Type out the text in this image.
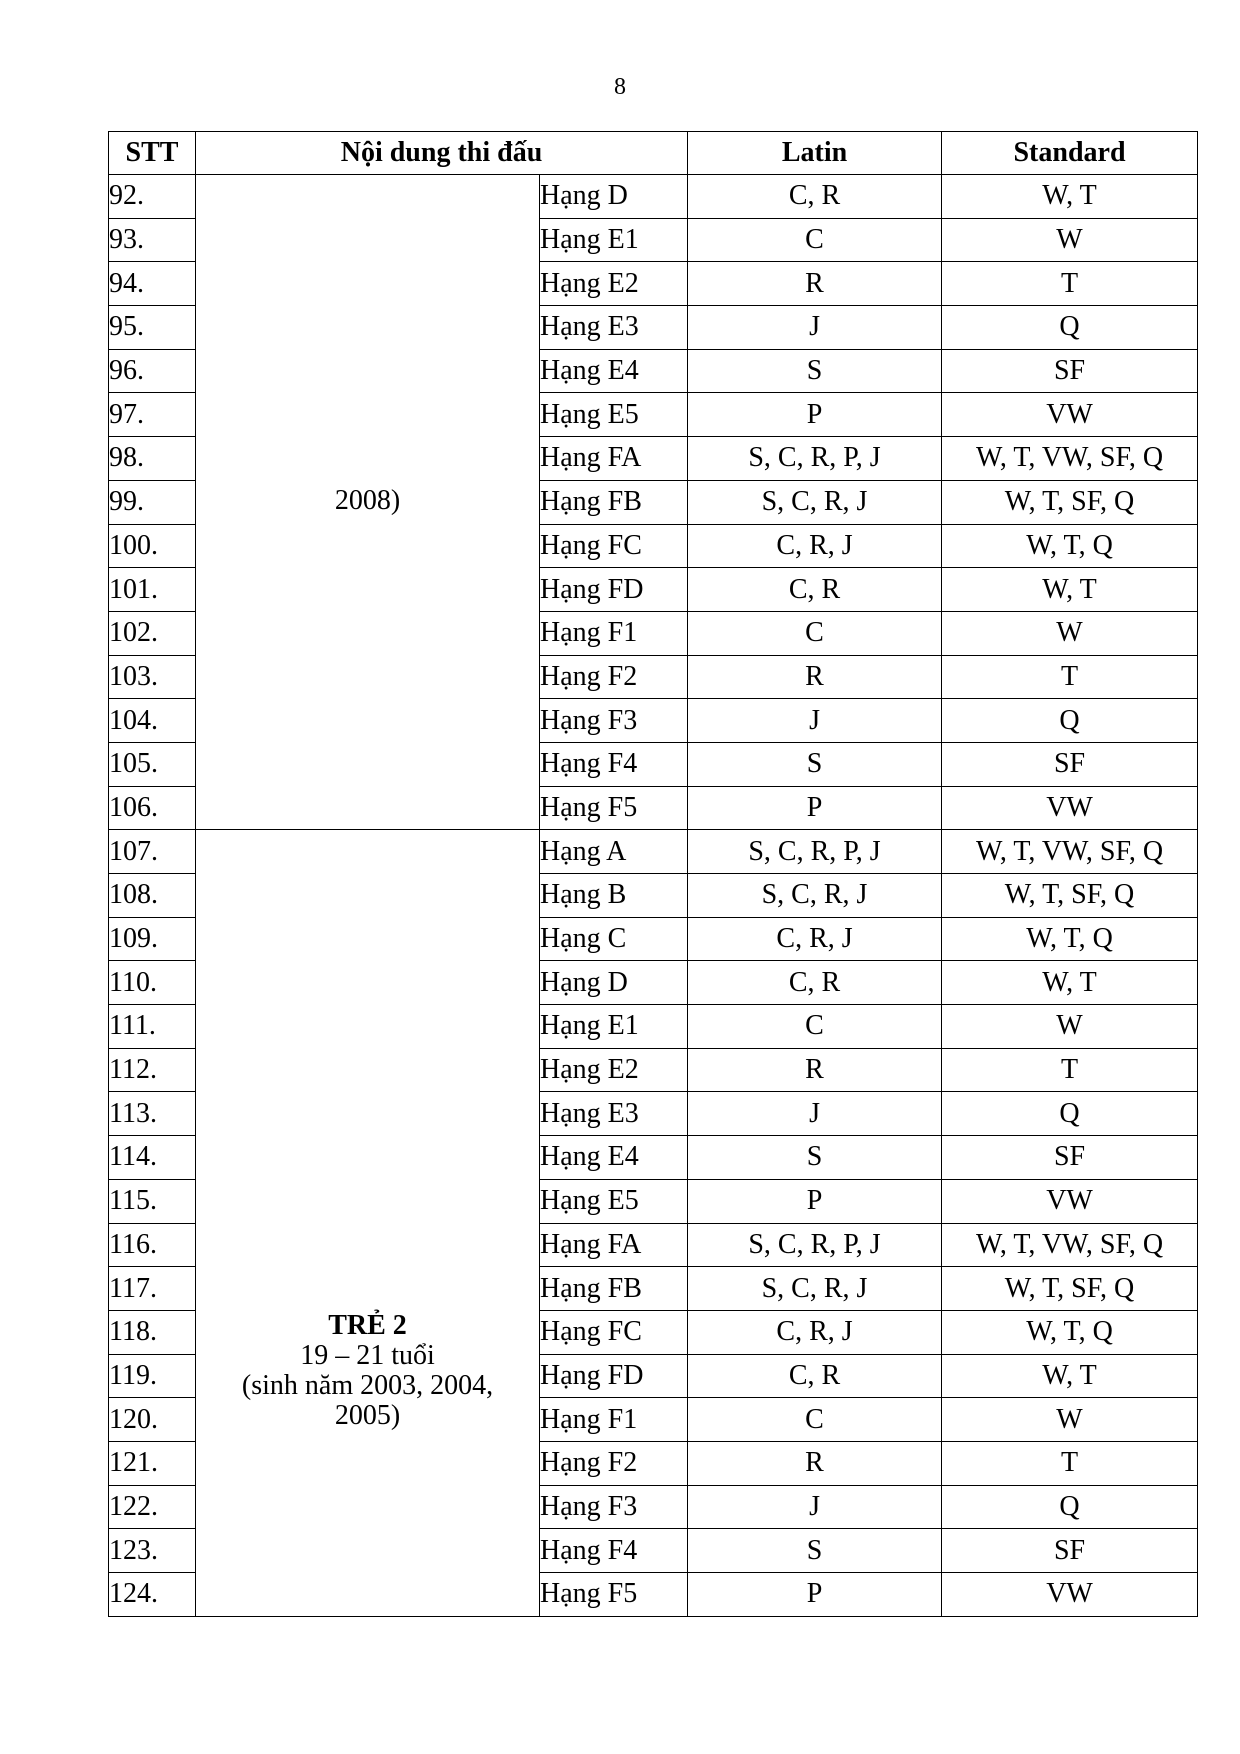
8
STT	Nội dung thi đấu		Latin	Standard
92.	2008)	Hạng D	C, R	W, T
93.		Hạng E1	C	W
94.		Hạng E2	R	T
95.		Hạng E3	J	Q
96.		Hạng E4	S	SF
97.		Hạng E5	P	VW
98.		Hạng FA	S, C, R, P, J	W, T, VW, SF, Q
99.		Hạng FB	S, C, R, J	W, T, SF, Q
100.		Hạng FC	C, R, J	W, T, Q
101.		Hạng FD	C, R	W, T
102.		Hạng F1	C	W
103.		Hạng F2	R	T
104.		Hạng F3	J	Q
105.		Hạng F4	S	SF
106.		Hạng F5	P	VW
107.	TRẺ 2
19 – 21 tuổi
(sinh năm 2003, 2004,
2005)	Hạng A	S, C, R, P, J	W, T, VW, SF, Q
108.		Hạng B	S, C, R, J	W, T, SF, Q
109.		Hạng C	C, R, J	W, T, Q
110.		Hạng D	C, R	W, T
111.		Hạng E1	C	W
112.		Hạng E2	R	T
113.		Hạng E3	J	Q
114.		Hạng E4	S	SF
115.		Hạng E5	P	VW
116.		Hạng FA	S, C, R, P, J	W, T, VW, SF, Q
117.		Hạng FB	S, C, R, J	W, T, SF, Q
118.		Hạng FC	C, R, J	W, T, Q
119.		Hạng FD	C, R	W, T
120.		Hạng F1	C	W
121.		Hạng F2	R	T
122.		Hạng F3	J	Q
123.		Hạng F4	S	SF
124.		Hạng F5	P	VW
